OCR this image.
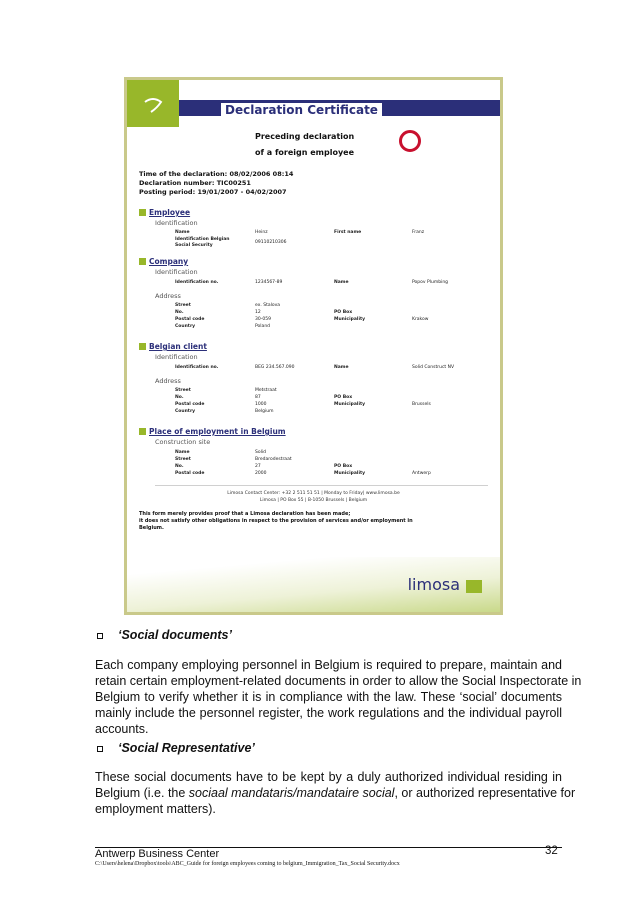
Declaration Certificate
Preceding declaration
of a foreign employee
Time of the declaration: 08/02/2006 08:14
Declaration number: TIC00251
Posting period: 19/01/2007 - 04/02/2007
Employee
Identification
Name	Heinz	First name	Franz
Identification Belgian
Social Security
09110210306
Company
Identification
Identification no.	1234567-89	Name	Popov Plumbing
Address
Street	ex. Stalova
No.	12	PO Box
Postal code	30-059	Municipality	Krakow
Country	Poland
Belgian client
Identification
Identification no.	BEG 234.567.090	Name	Solid Construct NV
Address
Street	Metstraat
No.	87	PO Box
Postal code	1000	Municipality	Brussels
Country	Belgium
Place of employment in Belgium
Construction site
Name	Solid
Street	Bredarodestraat
No.	27	PO Box
Postal code	2000	Municipality	Antwerp
Limosa Contact Center: +32 2 511 51 51 | Monday to Friday| www.limosa.be
Limosa | PO Box 55 | B-1050 Brussels | Belgium
This form merely provides proof that a Limosa declaration has been made;
it does not satisfy other obligations in respect to the provision of services and/or employment in
Belgium.
limosa
‘Social documents’
Each company employing personnel in Belgium is required to prepare, maintain and
retain certain employment-related documents in order to allow the Social Inspectorate in
Belgium to verify whether it is in compliance with the law. These ‘social’ documents
mainly include the personnel register, the work regulations and the individual payroll
accounts.
‘Social Representative’
These social documents have to be kept by a duly authorized individual residing in
Belgium (i.e. the sociaal mandataris/mandataire social, or authorized representative for
employment matters).
Antwerp Business Center	32
C:\Users\helena\Dropbox\tools\ABC_Guide for foreign employees coming to belgium_Immigration_Tax_Social Security.docx
